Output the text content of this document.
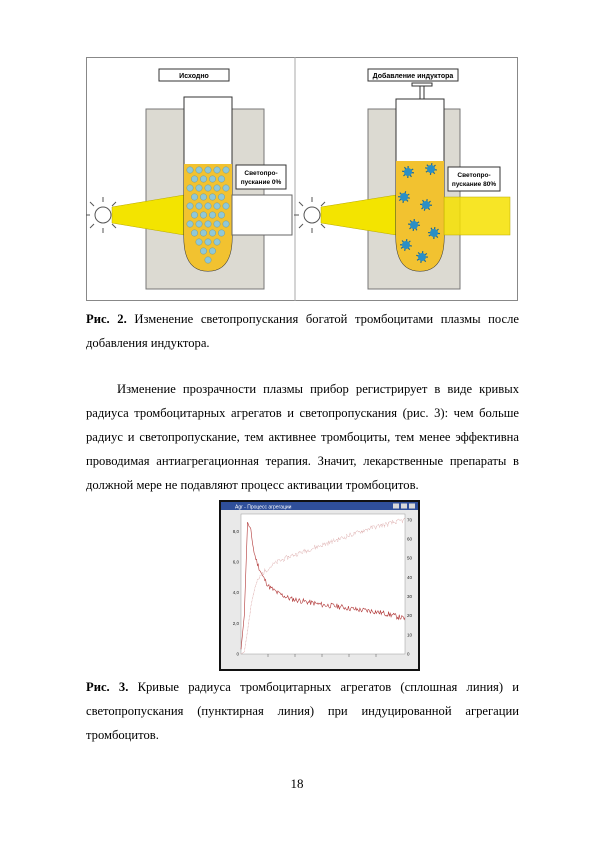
Светопро-
пускание 0%
Исходно
Светопро-
пускание 80%
Добавление индуктора
Рис. 2. Изменение светопропускания богатой тромбоцитами плазмы после добавления индуктора.
Изменение прозрачности плазмы прибор регистрирует в виде кривых радиуса тромбоцитарных агрегатов и светопропускания (рис. 3): чем больше радиус и светопропускание, тем активнее тромбоциты, тем менее эффективна проводимая антиагрегационная терапия. Значит, лекарственные препараты в должной мере не подавляют процесс активации тромбоцитов.
Agr - Процесс агрегации
8,0
6,0
4,0
2,0
0
70
60
50
40
30
20
10
0
Рис. 3. Кривые радиуса тромбоцитарных агрегатов (сплошная линия) и светопропускания (пунктирная линия) при индуцированной агрегации тромбоцитов.
18
